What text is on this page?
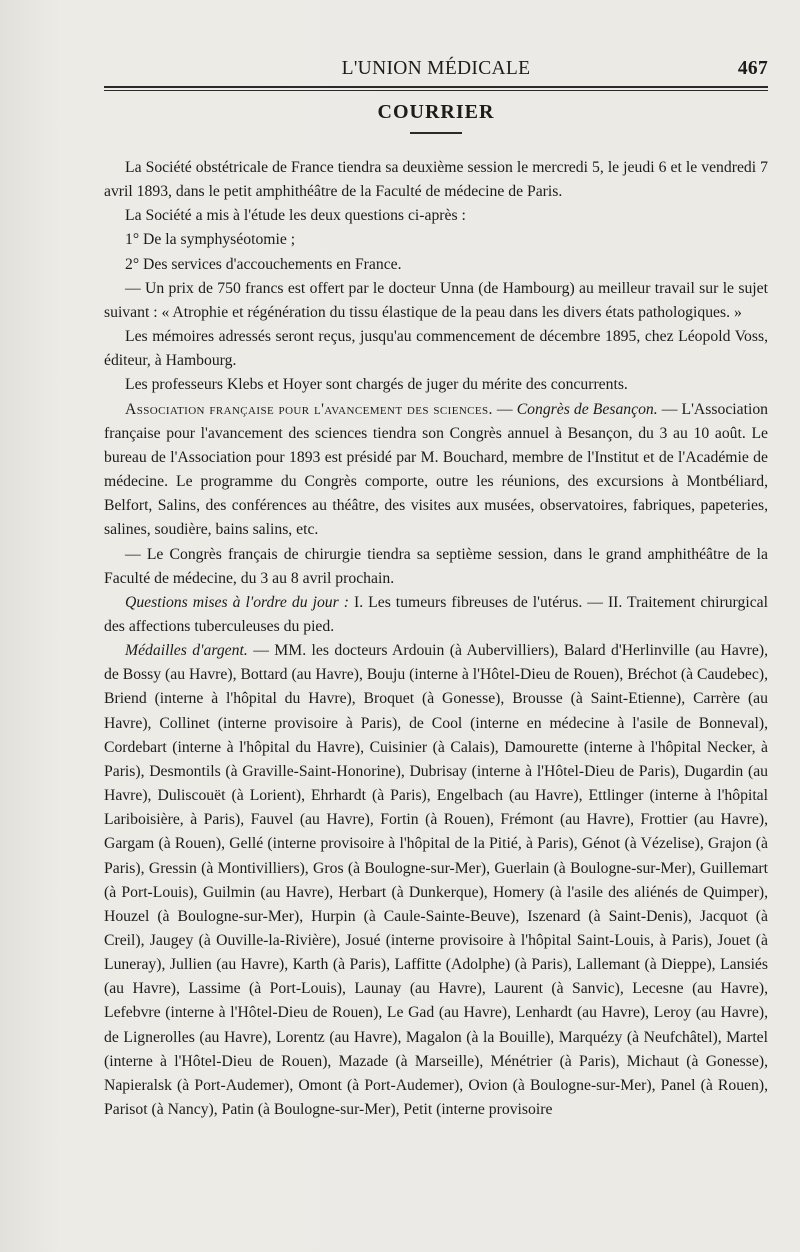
L'UNION MÉDICALE	467
COURRIER

La Société obstétricale de France tiendra sa deuxième session le mercredi 5, le jeudi 6 et le vendredi 7 avril 1893, dans le petit amphithéâtre de la Faculté de médecine de Paris.

La Société a mis à l'étude les deux questions ci-après :

1° De la symphyséotomie ;

2° Des services d'accouchements en France.

— Un prix de 750 francs est offert par le docteur Unna (de Hambourg) au meilleur travail sur le sujet suivant : « Atrophie et régénération du tissu élastique de la peau dans les divers états pathologiques. »

Les mémoires adressés seront reçus, jusqu'au commencement de décembre 1895, chez Léopold Voss, éditeur, à Hambourg.

Les professeurs Klebs et Hoyer sont chargés de juger du mérite des concurrents.

Association française pour l'avancement des sciences. — Congrès de Besançon. — L'Association française pour l'avancement des sciences tiendra son Congrès annuel à Besançon, du 3 au 10 août. Le bureau de l'Association pour 1893 est présidé par M. Bouchard, membre de l'Institut et de l'Académie de médecine. Le programme du Congrès comporte, outre les réunions, des excursions à Montbéliard, Belfort, Salins, des conférences au théâtre, des visites aux musées, observatoires, fabriques, papeteries, salines, soudière, bains salins, etc.

— Le Congrès français de chirurgie tiendra sa septième session, dans le grand amphithéâtre de la Faculté de médecine, du 3 au 8 avril prochain.

Questions mises à l'ordre du jour : I. Les tumeurs fibreuses de l'utérus. — II. Traitement chirurgical des affections tuberculeuses du pied.

Médailles d'argent. — MM. les docteurs Ardouin (à Aubervilliers), Balard d'Herlinville (au Havre), de Bossy (au Havre), Bottard (au Havre), Bouju (interne à l'Hôtel-Dieu de Rouen), Bréchot (à Caudebec), Briend (interne à l'hôpital du Havre), Broquet (à Gonesse), Brousse (à Saint-Etienne), Carrère (au Havre), Collinet (interne provisoire à Paris), de Cool (interne en médecine à l'asile de Bonneval), Cordebart (interne à l'hôpital du Havre), Cuisinier (à Calais), Damourette (interne à l'hôpital Necker, à Paris), Desmontils (à Graville-Saint-Honorine), Dubrisay (interne à l'Hôtel-Dieu de Paris), Dugardin (au Havre), Duliscouët (à Lorient), Ehrhardt (à Paris), Engelbach (au Havre), Ettlinger (interne à l'hôpital Lariboisière, à Paris), Fauvel (au Havre), Fortin (à Rouen), Frémont (au Havre), Frottier (au Havre), Gargam (à Rouen), Gellé (interne provisoire à l'hôpital de la Pitié, à Paris), Génot (à Vézelise), Grajon (à Paris), Gressin (à Montivilliers), Gros (à Boulogne-sur-Mer), Guerlain (à Boulogne-sur-Mer), Guillemart (à Port-Louis), Guilmin (au Havre), Herbart (à Dunkerque), Homery (à l'asile des aliénés de Quimper), Houzel (à Boulogne-sur-Mer), Hurpin (à Caule-Sainte-Beuve), Iszenard (à Saint-Denis), Jacquot (à Creil), Jaugey (à Ouville-la-Rivière), Josué (interne provisoire à l'hôpital Saint-Louis, à Paris), Jouet (à Luneray), Jullien (au Havre), Karth (à Paris), Laffitte (Adolphe) (à Paris), Lallemant (à Dieppe), Lansiés (au Havre), Lassime (à Port-Louis), Launay (au Havre), Laurent (à Sanvic), Lecesne (au Havre), Lefebvre (interne à l'Hôtel-Dieu de Rouen), Le Gad (au Havre), Lenhardt (au Havre), Leroy (au Havre), de Lignerolles (au Havre), Lorentz (au Havre), Magalon (à la Bouille), Marquézy (à Neufchâtel), Martel (interne à l'Hôtel-Dieu de Rouen), Mazade (à Marseille), Ménétrier (à Paris), Michaut (à Gonesse), Napieralsk (à Port-Audemer), Omont (à Port-Audemer), Ovion (à Boulogne-sur-Mer), Panel (à Rouen), Parisot (à Nancy), Patin (à Boulogne-sur-Mer), Petit (interne provisoire
